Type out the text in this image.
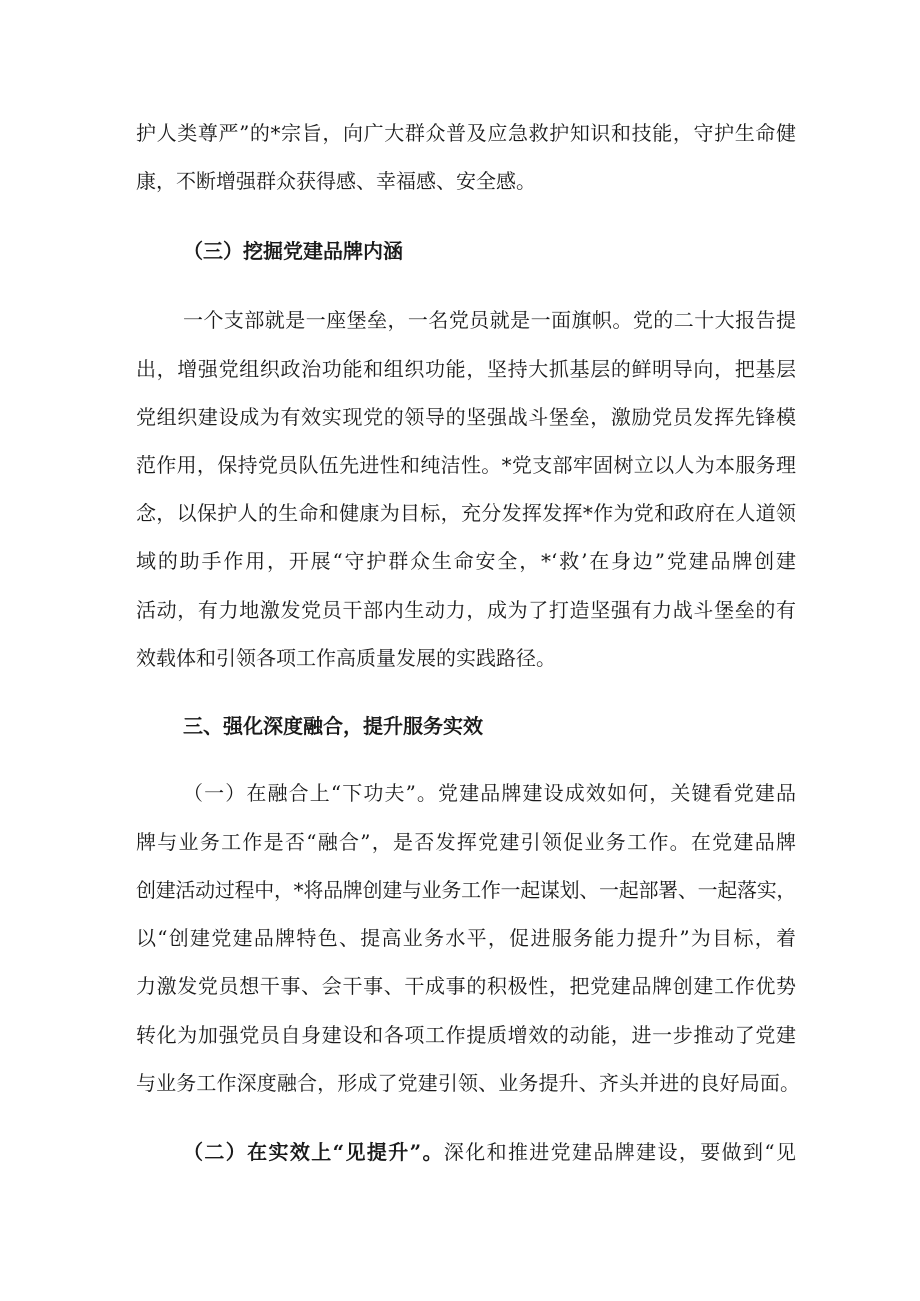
护人类尊严”的*宗旨，向广大群众普及应急救护知识和技能，守护生命健
康，不断增强群众获得感、幸福感、安全感。
（三）挖掘党建品牌内涵
一个支部就是一座堡垒，一名党员就是一面旗帜。党的二十大报告提
出，增强党组织政治功能和组织功能，坚持大抓基层的鲜明导向，把基层
党组织建设成为有效实现党的领导的坚强战斗堡垒，激励党员发挥先锋模
范作用，保持党员队伍先进性和纯洁性。*党支部牢固树立以人为本服务理
念，以保护人的生命和健康为目标，充分发挥发挥*作为党和政府在人道领
域的助手作用，开展“守护群众生命安全，*‘救’在身边”党建品牌创建
活动，有力地激发党员干部内生动力，成为了打造坚强有力战斗堡垒的有
效载体和引领各项工作高质量发展的实践路径。
三、强化深度融合，提升服务实效
（一）在融合上“下功夫”。党建品牌建设成效如何，关键看党建品
牌与业务工作是否“融合”，是否发挥党建引领促业务工作。在党建品牌
创建活动过程中，*将品牌创建与业务工作一起谋划、一起部署、一起落实，
以“创建党建品牌特色、提高业务水平，促进服务能力提升”为目标，着
力激发党员想干事、会干事、干成事的积极性，把党建品牌创建工作优势
转化为加强党员自身建设和各项工作提质增效的动能，进一步推动了党建
与业务工作深度融合，形成了党建引领、业务提升、齐头并进的良好局面。
（二）在实效上“见提升”。深化和推进党建品牌建设，要做到“见
